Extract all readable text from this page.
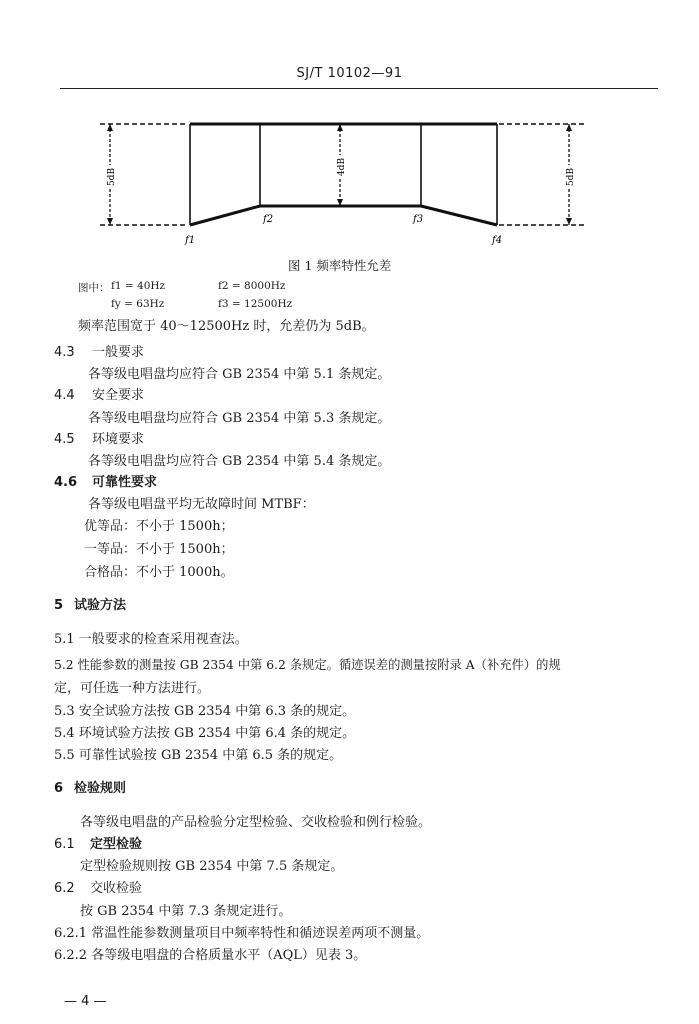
SJ/T 10102—91
5dB
4dB
5dB
f1
f2	f3
f4
图 1 频率特性允差
图中： f1 = 40Hz	f2 = 8000Hz
fy = 63Hz	f3 = 12500Hz
频率范围宽于 40～12500Hz 时，允差仍为 5dB。
4.3 一般要求
各等级电唱盘均应符合 GB 2354 中第 5.1 条规定。
4.4 安全要求
各等级电唱盘均应符合 GB 2354 中第 5.3 条规定。
4.5 环境要求
各等级电唱盘均应符合 GB 2354 中第 5.4 条规定。
4.6 可靠性要求
各等级电唱盘平均无故障时间 MTBF：
优等品：不小于 1500h；
一等品：不小于 1500h；
合格品：不小于 1000h。
5 试验方法
5.1 一般要求的检查采用视查法。
5.2 性能参数的测量按 GB 2354 中第 6.2 条规定。循迹误差的测量按附录 A（补充件）的规
定，可任选一种方法进行。
5.3 安全试验方法按 GB 2354 中第 6.3 条的规定。
5.4 环境试验方法按 GB 2354 中第 6.4 条的规定。
5.5 可靠性试验按 GB 2354 中第 6.5 条的规定。
6 检验规则
各等级电唱盘的产品检验分定型检验、交收检验和例行检验。
6.1 定型检验
定型检验规则按 GB 2354 中第 7.5 条规定。
6.2 交收检验
按 GB 2354 中第 7.3 条规定进行。
6.2.1 常温性能参数测量项目中频率特性和循迹误差两项不测量。
6.2.2 各等级电唱盘的合格质量水平（AQL）见表 3。
— 4 —
